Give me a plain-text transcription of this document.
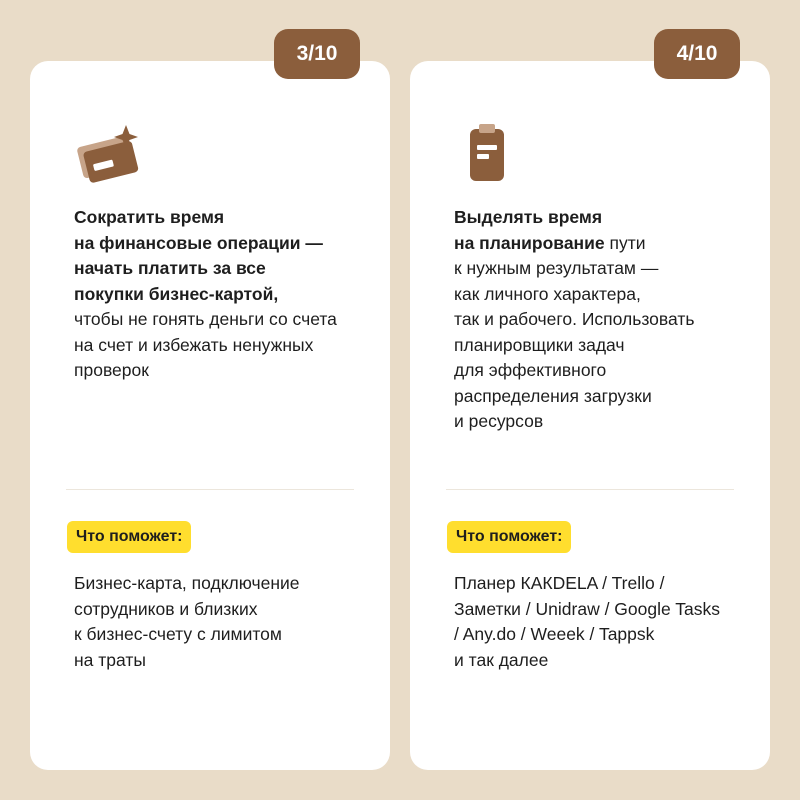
3/10
Сократить время
на финансовые операции —
начать платить за все
покупки бизнес-картой,
чтобы не гонять деньги со счета
на счет и избежать ненужных
проверок
Что поможет:
Бизнес-карта, подключение
сотрудников и близких
к бизнес-счету с лимитом
на траты
4/10
Выделять время
на планирование пути
к нужным результатам —
как личного характера,
так и рабочего. Использовать
планировщики задач
для эффективного
распределения загрузки
и ресурсов
Что поможет:
Планер КАКDELA / Trello /
Заметки / Unidraw / Google Tasks
/ Any.do / Weeek / Tappsk
и так далее
